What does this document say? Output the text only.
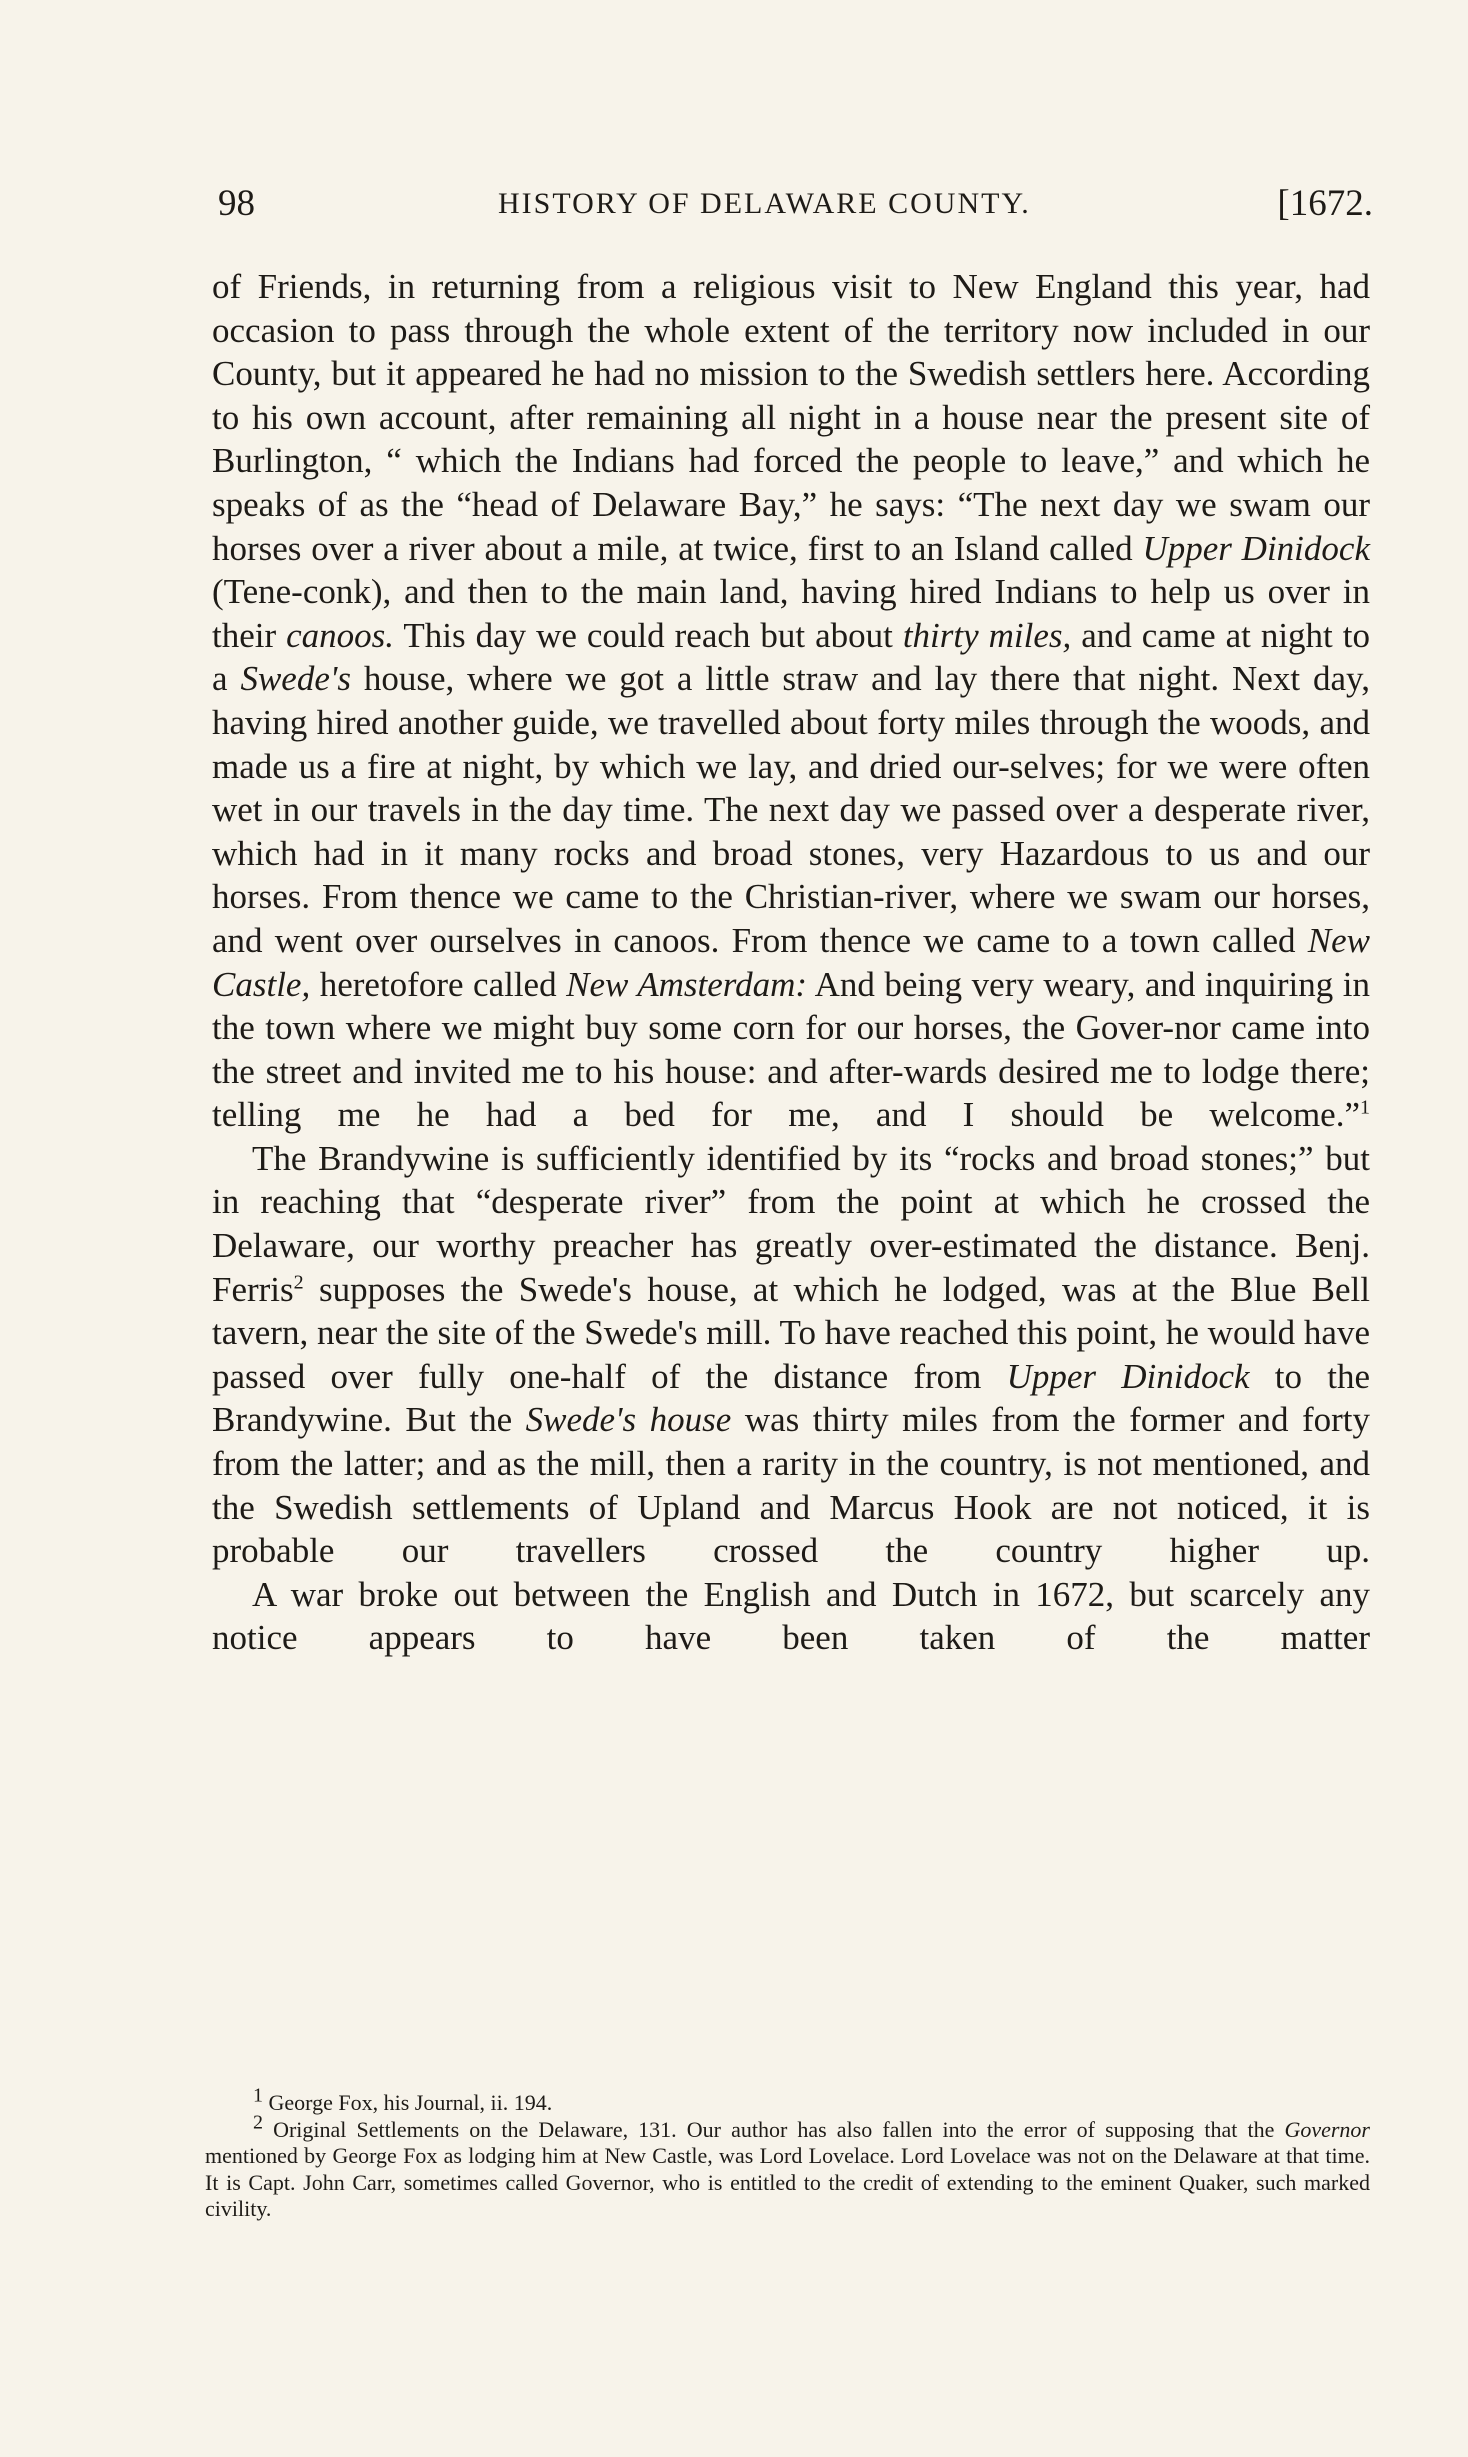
98	HISTORY OF DELAWARE COUNTY.	[1672.

of Friends, in returning from a religious visit to New England this year, had occasion to pass through the whole extent of the territory now included in our County, but it appeared he had no mission to the Swedish settlers here. According to his own account, after remaining all night in a house near the present site of Burlington, “ which the Indians had forced the people to leave,” and which he speaks of as the “head of Delaware Bay,” he says: “The next day we swam our horses over a river about a mile, at twice, first to an Island called Upper Dinidock (Tene-conk), and then to the main land, having hired Indians to help us over in their canoos. This day we could reach but about thirty miles, and came at night to a Swede's house, where we got a little straw and lay there that night. Next day, having hired another guide, we travelled about forty miles through the woods, and made us a fire at night, by which we lay, and dried our-selves; for we were often wet in our travels in the day time. The next day we passed over a desperate river, which had in it many rocks and broad stones, very Hazardous to us and our horses. From thence we came to the Christian-river, where we swam our horses, and went over ourselves in canoos. From thence we came to a town called New Castle, heretofore called New Amsterdam: And being very weary, and inquiring in the town where we might buy some corn for our horses, the Gover-nor came into the street and invited me to his house: and after-wards desired me to lodge there; telling me he had a bed for me, and I should be welcome.”$^1$

The Brandywine is sufficiently identified by its “rocks and broad stones;” but in reaching that “desperate river” from the point at which he crossed the Delaware, our worthy preacher has greatly over-estimated the distance. Benj. Ferris$^2$ supposes the Swede's house, at which he lodged, was at the Blue Bell tavern, near the site of the Swede's mill. To have reached this point, he would have passed over fully one-half of the distance from Upper Dinidock to the Brandywine. But the Swede's house was thirty miles from the former and forty from the latter; and as the mill, then a rarity in the country, is not mentioned, and the Swedish settlements of Upland and Marcus Hook are not noticed, it is probable our travellers crossed the country higher up.

A war broke out between the English and Dutch in 1672, but scarcely any notice appears to have been taken of the matter

$^1$ George Fox, his Journal, ii. 194.

$^2$ Original Settlements on the Delaware, 131. Our author has also fallen into the error of supposing that the Governor mentioned by George Fox as lodging him at New Castle, was Lord Lovelace. Lord Lovelace was not on the Delaware at that time. It is Capt. John Carr, sometimes called Governor, who is entitled to the credit of extending to the eminent Quaker, such marked civility.
